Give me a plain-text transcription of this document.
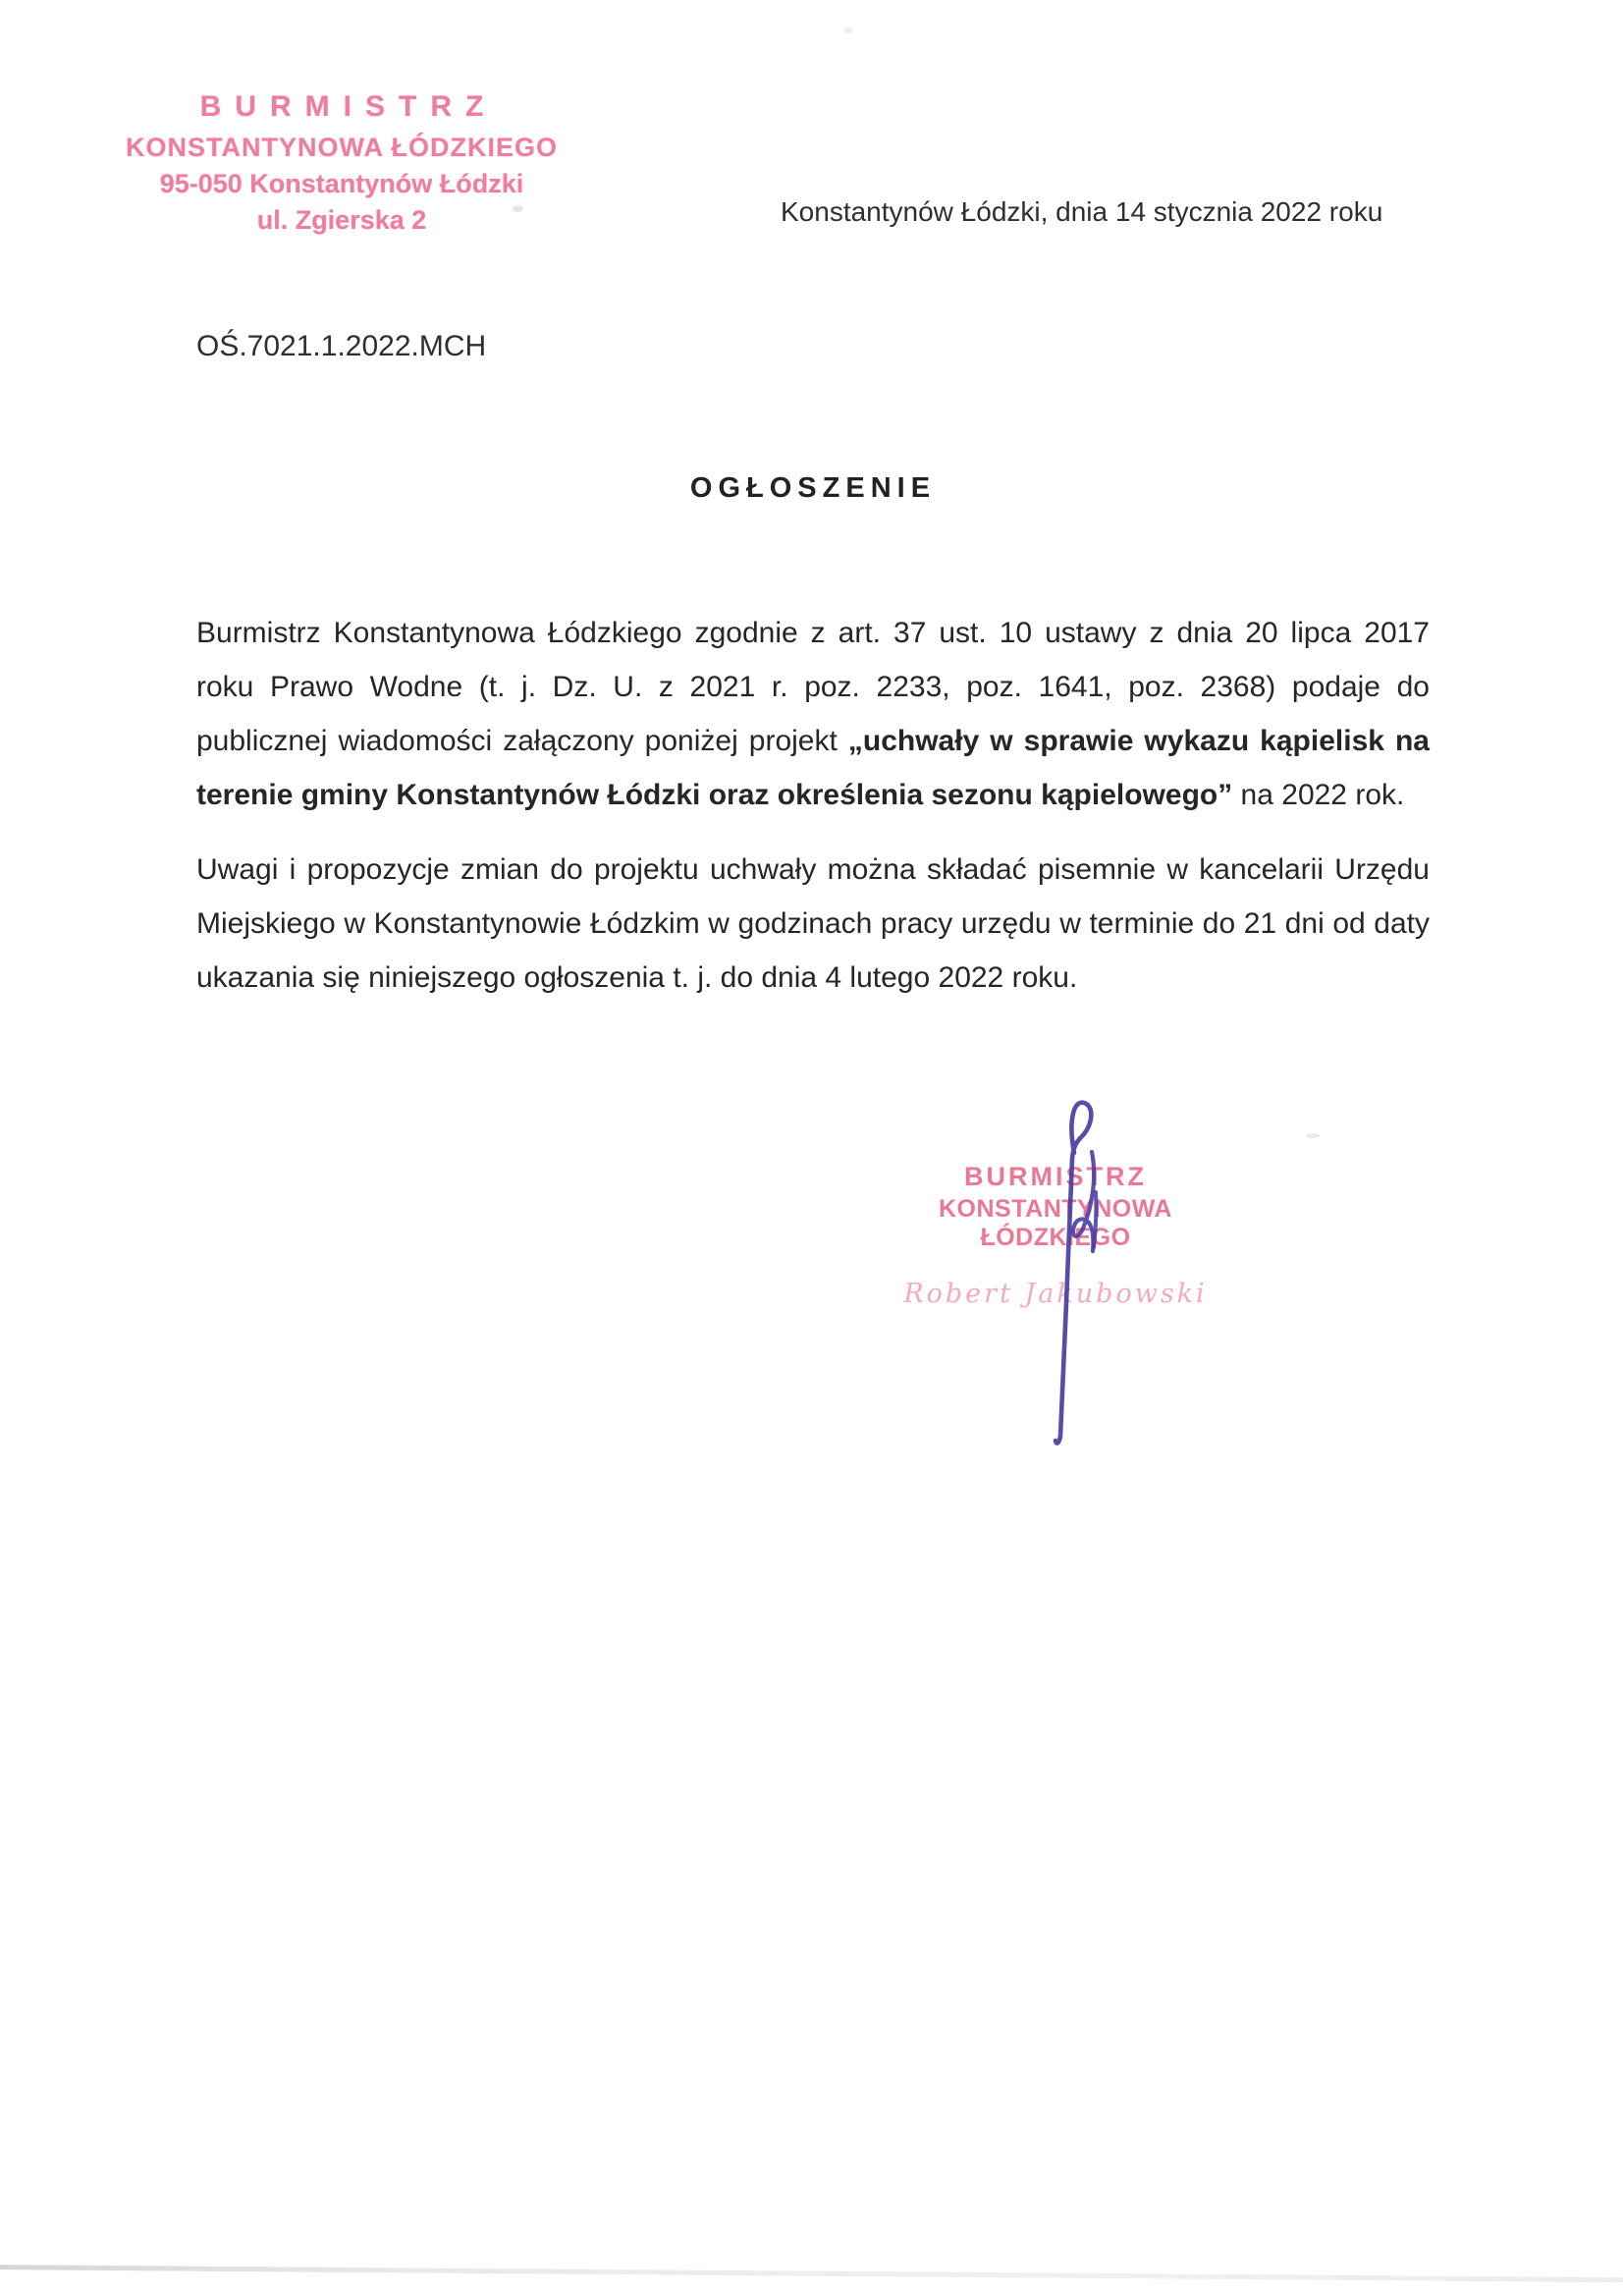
BURMISTRZ
KONSTANTYNOWA ŁÓDZKIEGO
95-050 Konstantynów Łódzki
ul. Zgierska 2	Konstantynów Łódzki, dnia 14 stycznia 2022 roku
OŚ.7021.1.2022.MCH
OGŁOSZENIE

Burmistrz Konstantynowa Łódzkiego zgodnie z art. 37 ust. 10 ustawy z dnia 20 lipca 2017 roku Prawo Wodne (t. j. Dz. U. z 2021 r. poz. 2233, poz. 1641, poz. 2368) podaje do publicznej wiadomości załączony poniżej projekt „uchwały w sprawie wykazu kąpielisk na terenie gminy Konstantynów Łódzki oraz określenia sezonu kąpielowego” na 2022 rok.

Uwagi i propozycje zmian do projektu uchwały można składać pisemnie w kancelarii Urzędu Miejskiego w Konstantynowie Łódzkim w godzinach pracy urzędu w terminie do 21 dni od daty ukazania się niniejszego ogłoszenia t. j. do dnia 4 lutego 2022 roku.

BURMISTRZ
KONSTANTYNOWA ŁÓDZKIEGO
Robert Jakubowski
